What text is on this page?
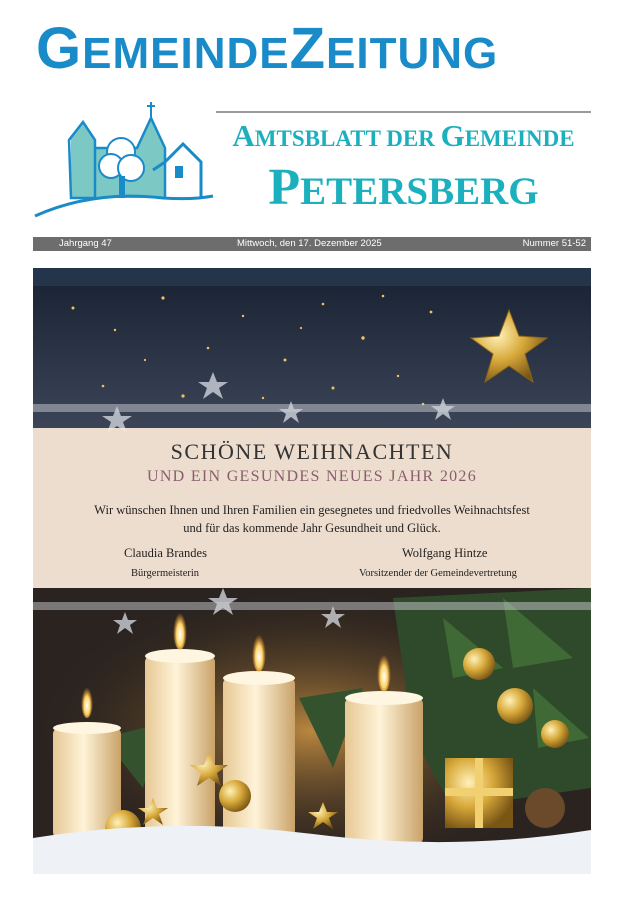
GEMEINDEZEITUNG
AMTSBLATT DER GEMEINDE
PETERSBERG
Jahrgang 47	Mittwoch, den 17. Dezember 2025	Nummer 51-52
SCHÖNE WEIHNACHTEN
UND EIN GESUNDES NEUES JAHR 2026
Wir wünschen Ihnen und Ihren Familien ein gesegnetes und friedvolles Weihnachtsfest
und für das kommende Jahr Gesundheit und Glück.
Claudia Brandes
Bürgermeisterin
Wolfgang Hintze
Vorsitzender der Gemeindevertretung
